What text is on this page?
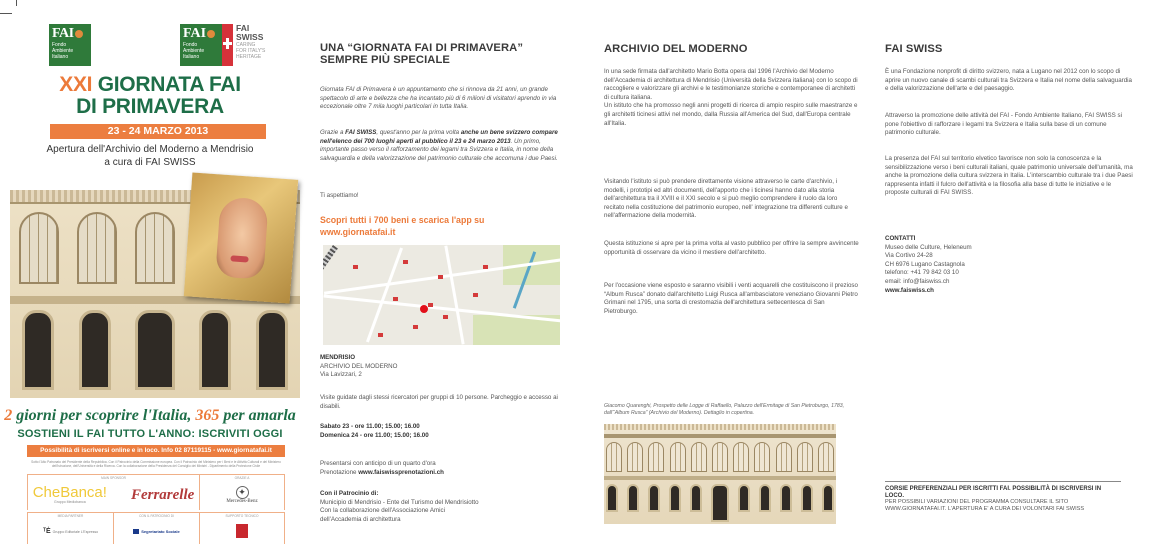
FAI
Fondo
Ambiente
Italiano
FAI
Fondo
Ambiente
Italiano
FAI
SWISS
CARING
FOR ITALY'S
HERITAGE
XXI GIORNATA FAI
DI PRIMAVERA
23 - 24 MARZO 2013
Apertura dell'Archivio del Moderno a Mendrisio
a cura di FAI SWISS
2 giorni per scoprire l'Italia, 365 per amarla
SOSTIENI IL FAI TUTTO L'ANNO: ISCRIVITI OGGI
Possibilità di iscriversi online e in loco. Info 02 87119115 - www.giornatafai.it
Sotto l'Alto Patronato del Presidente della Repubblica. Con il Patrocinio della Commissione europea. Con il Patrocinio del Ministero per i Beni e le Attività Culturali e del Ministero dell'Istruzione, dell'Università e della Ricerca. Con la collaborazione della Presidenza del Consiglio dei Ministri - Dipartimento della Protezione Civile
MAIN SPONSOR
CheBanca!
Gruppo Mediobanca	Ferrarelle
GRAZIE A
✦
Mercedes-Benz
MEDIA PARTNER
ᵀĖ Gruppo Editoriale L'Espresso
CON IL PATROCINIO DI
Segretariato Sociale
SUPPORTO TECNICO
UNA “GIORNATA FAI DI PRIMAVERA” SEMPRE PIÙ SPECIALE

Giornata FAI di Primavera è un appuntamento che si rinnova da 21 anni, un grande spettacolo di arte e bellezza che ha incantato più di 6 milioni di visitatori aprendo in via eccezionale oltre 7 mila luoghi particolari in tutta Italia.

Grazie a FAI SWISS, quest'anno per la prima volta anche un bene svizzero compare nell'elenco dei 700 luoghi aperti al pubblico il 23 e 24 marzo 2013. Un primo, importante passo verso il rafforzamento dei legami tra Svizzera e Italia, in nome della salvaguardia e della valorizzazione del patrimonio culturale che accomuna i due Paesi.

Ti aspettiamo!

Scopri tutti i 700 beni e scarica l'app su www.giornatafai.it

MENDRISIO
ARCHIVIO DEL MODERNO
Via Lavizzari, 2

Visite guidate dagli stessi ricercatori per gruppi di 10 persone. Parcheggio e accesso ai disabili.

Sabato 23 - ore 11.00; 15.00; 16.00
Domenica 24 - ore 11.00; 15.00; 16.00
Presentarsi con anticipo di un quarto d'ora
Prenotazione www.faiswissprenotazioni.ch
Con il Patrocinio di:
Municipio di Mendrisio - Ente del Turismo del Mendrisiotto
Con la collaborazione dell'Associazione Amici
dell'Accademia di architettura
ARCHIVIO DEL MODERNO
In una sede firmata dall'architetto Mario Botta opera dal 1996 l'Archivio del Moderno dell'Accademia di architettura di Mendrisio (Università della Svizzera italiana) con lo scopo di raccogliere e valorizzare gli archivi e le testimonianze storiche e contemporanee di architetti di cultura italiana.
Un istituto che ha promosso negli anni progetti di ricerca di ampio respiro sulle maestranze e gli architetti ticinesi attivi nel mondo, dalla Russia all'America del Sud, dall'Europa centrale all'Italia.

Visitando l'istituto si può prendere direttamente visione attraverso le carte d'archivio, i modelli, i prototipi ed altri documenti, dell'apporto che i ticinesi hanno dato alla storia dell'architettura tra il XVIII e il XXI secolo e si può meglio comprendere il ruolo da loro recitato nella costituzione del patrimonio europeo, nell' integrazione tra differenti culture e nell'affermazione della modernità.

Questa istituzione si apre per la prima volta al vasto pubblico per offrire la sempre avvincente opportunità di osservare da vicino il mestiere dell'architetto.

Per l'occasione viene esposto e saranno visibili i venti acquarelli che costituiscono il prezioso “Album Rusca” donato dall'architetto Luigi Rusca all'ambasciatore veneziano Giovanni Pietro Grimani nel 1795, una sorta di crestomazia dell'architettura settecentesca di San Pietroburgo.

Giacomo Quarenghi, Prospetto delle Logge di Raffaello, Palazzo dell'Ermitage di San Pietroburgo, 1783, dall'“Album Rusca” (Archivio del Moderno). Dettaglio in copertina.

FAI SWISS

È una Fondazione nonprofit di diritto svizzero, nata a Lugano nel 2012 con lo scopo di aprire un nuovo canale di scambi culturali tra Svizzera e Italia nel nome della salvaguardia e della valorizzazione dell'arte e del paesaggio.

Attraverso la promozione delle attività del FAI - Fondo Ambiente Italiano, FAI SWISS si pone l'obiettivo di rafforzare i legami tra Svizzera e Italia sulla base di un comune patrimonio culturale.

La presenza del FAI sul territorio elvetico favorisce non solo la conoscenza e la sensibilizzazione verso i beni culturali italiani, quale patrimonio universale dell'umanità, ma anche la promozione della cultura svizzera in Italia. L'interscambio culturale tra i due Paesi rappresenta infatti il fulcro dell'attività e la filosofia alla base di tutte le iniziative e le proposte culturali di FAI SWISS.

CONTATTI
Museo delle Culture, Heleneum
Via Cortivo 24-28
CH 6976 Lugano Castagnola
telefono: +41 79 842 03 10
email: info@faiswiss.ch
www.faiswiss.ch
CORSIE PREFERENZIALI PER ISCRITTI FAI. POSSIBILITÀ DI ISCRIVERSI IN LOCO.
PER POSSIBILI VARIAZIONI DEL PROGRAMMA CONSULTARE IL SITO WWW.GIORNATAFAI.IT. L'APERTURA E' A CURA DEI VOLONTARI FAI SWISS
